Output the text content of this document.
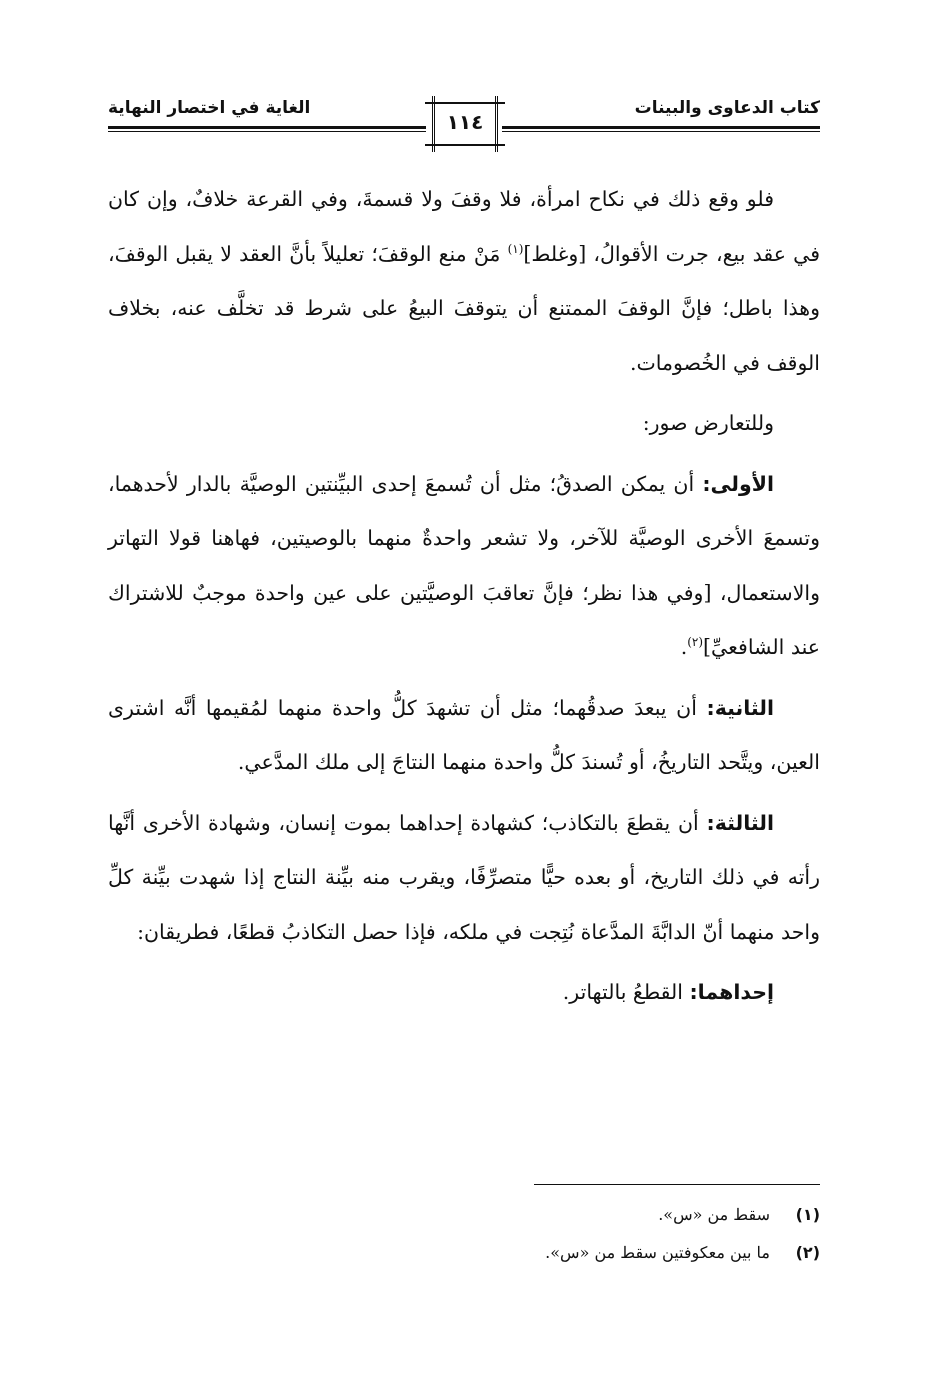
كتاب الدعاوى والبينات
١١٤
الغاية في اختصار النهاية

فلو وقع ذلك في نكاح امرأة، فلا وقفَ ولا قسمةَ، وفي القرعة خلافٌ، وإن كان في عقد بيع، جرت الأقوالُ، [وغلط]$^{(١)}$ مَنْ منع الوقفَ؛ تعليلاً بأنَّ العقد لا يقبل الوقفَ، وهذا باطل؛ فإنَّ الوقفَ الممتنع أن يتوقفَ البيعُ على شرط قد تخلَّف عنه، بخلاف الوقف في الخُصومات.

وللتعارض صور:

الأولى: أن يمكن الصدقُ؛ مثل أن تُسمعَ إحدى البيِّنتين الوصيَّة بالدار لأحدهما، وتسمعَ الأخرى الوصيَّة للآخر، ولا تشعر واحدةٌ منهما بالوصيتين، فهاهنا قولا التهاتر والاستعمال، [وفي هذا نظر؛ فإنَّ تعاقبَ الوصيَّتين على عين واحدة موجبٌ للاشتراك عند الشافعيِّ]$^{(٢)}$.

الثانية: أن يبعدَ صدقُهما؛ مثل أن تشهدَ كلُّ واحدة منهما لمُقيمها أنَّه اشترى العين، ويتَّحد التاريخُ، أو تُسندَ كلُّ واحدة منهما النتاجَ إلى ملك المدَّعي.

الثالثة: أن يقطعَ بالتكاذب؛ كشهادة إحداهما بموت إنسان، وشهادة الأخرى أنَّها رأته في ذلك التاريخ، أو بعده حيًّا متصرِّفًا، ويقرب منه بيِّنة النتاج إذا شهدت بيِّنة كلِّ واحد منهما أنّ الدابَّةَ المدَّعاة نُتِجت في ملكه، فإذا حصل التكاذبُ قطعًا، فطريقان:

إحداهما: القطعُ بالتهاتر.

(١)
سقط من «س».

(٢)
ما بين معكوفتين سقط من «س».
